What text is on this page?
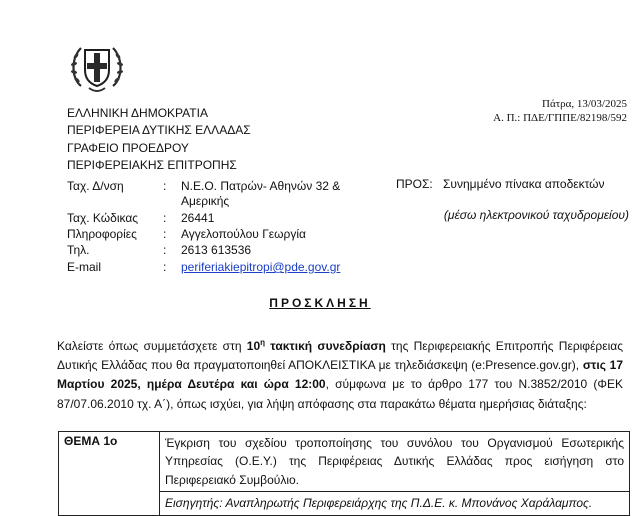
ΕΛΛΗΝΙΚΗ ΔΗΜΟΚΡΑΤΙΑ
ΠΕΡΙΦΕΡΕΙΑ ΔΥΤΙΚΗΣ ΕΛΛΑΔΑΣ
ΓΡΑΦΕΙΟ ΠΡΟΕΔΡΟΥ
ΠΕΡΙΦΕΡΕΙΑΚΗΣ ΕΠΙΤΡΟΠΗΣ
Πάτρα, 13/03/2025
Α. Π.: ΠΔΕ/ΓΠΠΕ/82198/592
Ταχ. Δ/νση	: Ν.Ε.Ο. Πατρών- Αθηνών 32 &
Αμερικής
Ταχ. Κώδικας : 26441
Πληροφορίες : Αγγελοπούλου Γεωργία
Τηλ.	: 2613 613536
E-mail	: periferiakiepitropi@pde.gov.gr
ΠΡΟΣ: Συνημμένο πίνακα αποδεκτών
(μέσω ηλεκτρονικού ταχυδρομείου)
ΠΡΟΣΚΛΗΣΗ
Καλείστε όπως συμμετάσχετε στη $10^\eta$ τακτική συνεδρίαση της Περιφερειακής Επιτροπής Περιφέρειας Δυτικής Ελλάδας που θα πραγματοποιηθεί ΑΠΟΚΛΕΙΣΤΙΚΑ με τηλεδιάσκεψη (e:Presence.gov.gr), στις 17 Μαρτίου 2025, ημέρα Δευτέρα και ώρα 12:00, σύμφωνα με το άρθρο 177 του Ν.3852/2010 (ΦΕΚ 87/07.06.2010 τχ. Α΄), όπως ισχύει, για λήψη απόφασης στα παρακάτω θέματα ημερήσιας διάταξης:
ΘΕΜΑ 1ο	Έγκριση του σχεδίου τροποποίησης του συνόλου του Οργανισμού Εσωτερικής Υπηρεσίας (Ο.Ε.Υ.) της Περιφέρειας Δυτικής Ελλάδας προς εισήγηση στο Περιφερειακό Συμβούλιο.
Εισηγητής: Αναπληρωτής Περιφερειάρχης της Π.Δ.Ε. κ. Μπονάνος Χαράλαμπος.
